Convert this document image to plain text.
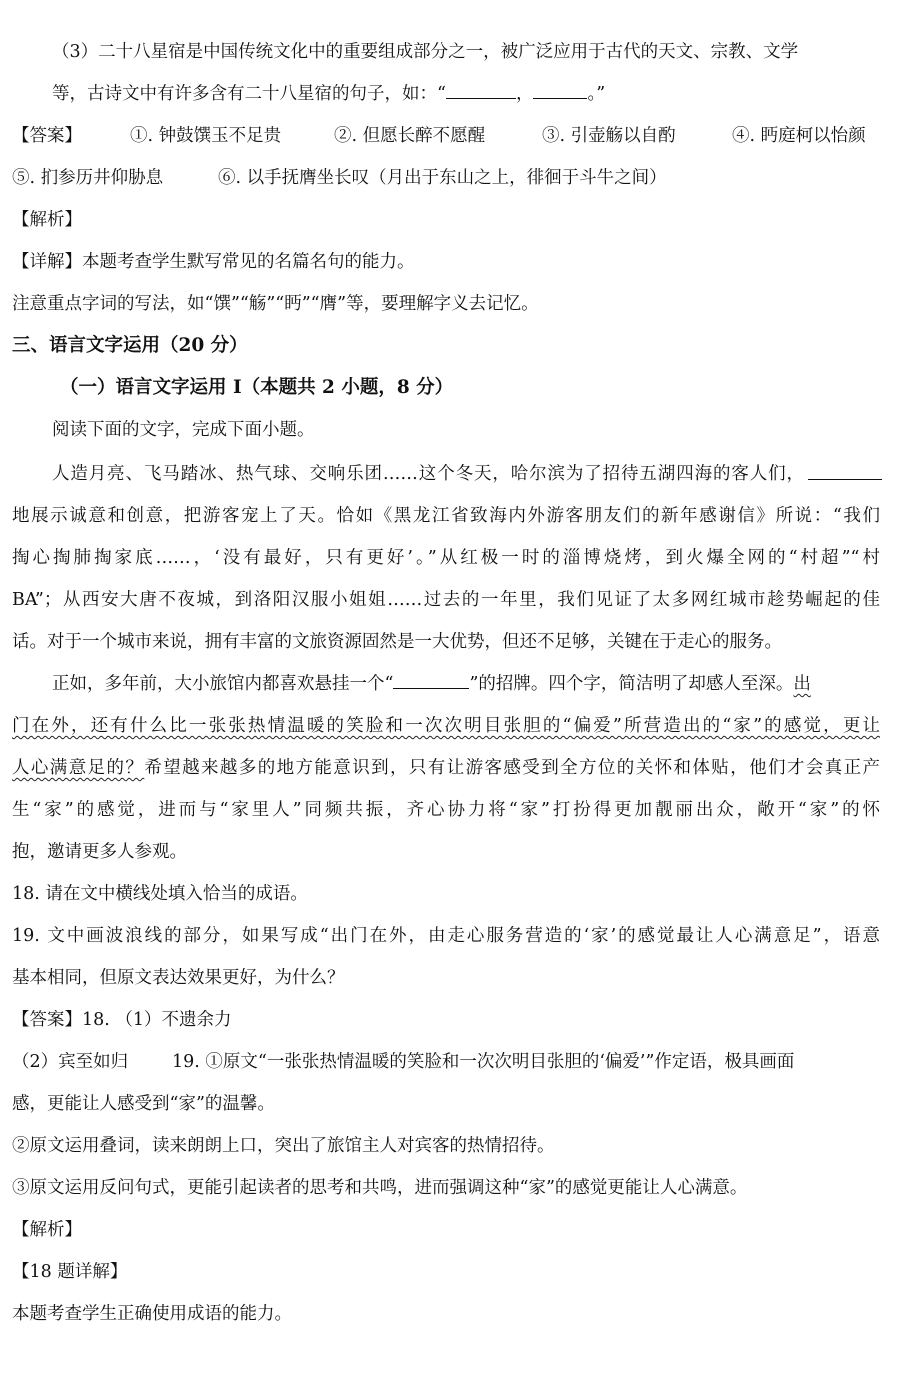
（3）二十八星宿是中国传统文化中的重要组成部分之一，被广泛应用于古代的天文、宗教、文学
等，古诗文中有许多含有二十八星宿的句子，如：“	，	。”
【答案】	①. 钟鼓馔玉不足贵	②. 但愿长醉不愿醒	③. 引壶觞以自酌	④. 眄庭柯以怡颜
⑤. 扪参历井仰胁息	⑥. 以手抚膺坐长叹（月出于东山之上，徘徊于斗牛之间）
【解析】
【详解】本题考查学生默写常见的名篇名句的能力。
注意重点字词的写法，如“馔”“觞”“眄”“膺”等，要理解字义去记忆。
三、语言文字运用（20 分）
（一）语言文字运用 I（本题共 2 小题，8 分）
阅读下面的文字，完成下面小题。
人造月亮、飞马踏冰、热气球、交响乐团……这个冬天，哈尔滨为了招待五湖四海的客人们，
地展示诚意和创意，把游客宠上了天。恰如《黑龙江省致海内外游客朋友们的新年感谢信》所说：“我们
掏心掏肺掏家底……，‘没有最好，只有更好’。”从红极一时的淄博烧烤，到火爆全网的“村超”“村
BA”；从西安大唐不夜城，到洛阳汉服小姐姐……过去的一年里，我们见证了太多网红城市趁势崛起的佳
话。对于一个城市来说，拥有丰富的文旅资源固然是一大优势，但还不足够，关键在于走心的服务。
正如，多年前，大小旅馆内都喜欢悬挂一个“	”的招牌。四个字，简洁明了却感人至深。出
门在外，还有什么比一张张热情温暖的笑脸和一次次明目张胆的“偏爱”所营造出的“家”的感觉，更让
人心满意足的？希望越来越多的地方能意识到，只有让游客感受到全方位的关怀和体贴，他们才会真正产
生“家”的感觉，进而与“家里人”同频共振，齐心协力将“家”打扮得更加靓丽出众，敞开“家”的怀
抱，邀请更多人参观。
18. 请在文中横线处填入恰当的成语。
19. 文中画波浪线的部分，如果写成“出门在外，由走心服务营造的‘家’的感觉最让人心满意足”，语意
基本相同，但原文表达效果更好，为什么？
【答案】18. （1）不遗余力
（2）宾至如归	19. ①原文“一张张热情温暖的笑脸和一次次明目张胆的‘偏爱’”作定语，极具画面
感，更能让人感受到“家”的温馨。
②原文运用叠词，读来朗朗上口，突出了旅馆主人对宾客的热情招待。
③原文运用反问句式，更能引起读者的思考和共鸣，进而强调这种“家”的感觉更能让人心满意。
【解析】
【18 题详解】
本题考查学生正确使用成语的能力。
